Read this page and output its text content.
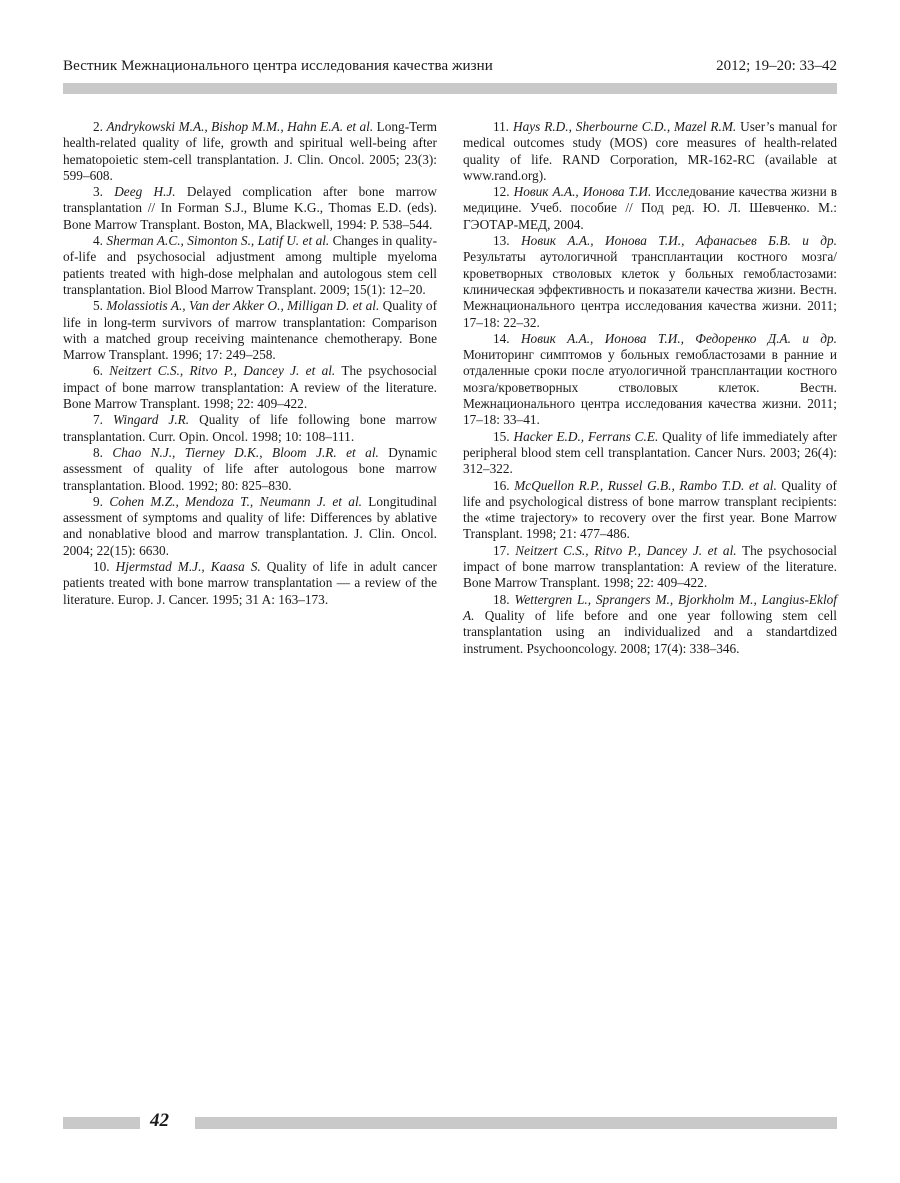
Вестник Межнационального центра исследования качества жизни	2012; 19–20: 33–42

2. Andrykowski M.A., Bishop M.M., Hahn E.A. et al. Long-Term health-related quality of life, growth and spiritual well-being after hematopoietic stem-cell transplantation. J. Clin. Oncol. 2005; 23(3): 599–608.

3. Deeg H.J. Delayed complication after bone marrow transplantation // In Forman S.J., Blume K.G., Thomas E.D. (eds). Bone Marrow Transplant. Boston, MA, Blackwell, 1994: P. 538–544.

4. Sherman A.C., Simonton S., Latif U. et al. Changes in quality-of-life and psychosocial adjustment among multiple myeloma patients treated with high-dose melphalan and autologous stem cell transplantation. Biol Blood Marrow Transplant. 2009; 15(1): 12–20.

5. Molassiotis A., Van der Akker O., Milligan D. et al. Quality of life in long-term survivors of marrow transplantation: Comparison with a matched group receiving maintenance chemotherapy. Bone Marrow Transplant. 1996; 17: 249–258.

6. Neitzert C.S., Ritvo P., Dancey J. et al. The psychosocial impact of bone marrow transplantation: A review of the literature. Bone Marrow Transplant. 1998; 22: 409–422.

7. Wingard J.R. Quality of life following bone marrow transplantation. Curr. Opin. Oncol. 1998; 10: 108–111.

8. Chao N.J., Tierney D.K., Bloom J.R. et al. Dynamic assessment of quality of life after autologous bone marrow transplantation. Blood. 1992; 80: 825–830.

9. Cohen M.Z., Mendoza T., Neumann J. et al. Longitudinal assessment of symptoms and quality of life: Differences by ablative and nonablative blood and marrow transplantation. J. Clin. Oncol. 2004; 22(15): 6630.

10. Hjermstad M.J., Kaasa S. Quality of life in adult cancer patients treated with bone marrow transplantation — a review of the literature. Europ. J. Cancer. 1995; 31 A: 163–173.

11. Hays R.D., Sherbourne C.D., Mazel R.M. User’s manual for medical outcomes study (MOS) core measures of health-related quality of life. RAND Corporation, MR-162-RC (available at www.rand.org).

12. Новик А.А., Ионова Т.И. Исследование качества жизни в медицине. Учеб. пособие // Под ред. Ю. Л. Шевченко. М.: ГЭОТАР-МЕД, 2004.

13. Новик А.А., Ионова Т.И., Афанасьев Б.В. и др. Результаты аутологичной трансплантации костного мозга/кроветворных стволовых клеток у больных гемобластозами: клиническая эффективность и показатели качества жизни. Вестн. Межнационального центра исследования качества жизни. 2011; 17–18: 22–32.

14. Новик А.А., Ионова Т.И., Федоренко Д.А. и др. Мониторинг симптомов у больных гемобластозами в ранние и отдаленные сроки после атуологичной трансплантации костного мозга/кроветворных стволовых клеток. Вестн. Межнационального центра исследования качества жизни. 2011; 17–18: 33–41.

15. Hacker E.D., Ferrans C.E. Quality of life immediately after peripheral blood stem cell transplantation. Cancer Nurs. 2003; 26(4): 312–322.

16. McQuellon R.P., Russel G.B., Rambo T.D. et al. Quality of life and psychological distress of bone marrow transplant recipients: the «time trajectory» to recovery over the first year. Bone Marrow Transplant. 1998; 21: 477–486.

17. Neitzert C.S., Ritvo P., Dancey J. et al. The psychosocial impact of bone marrow transplantation: A review of the literature. Bone Marrow Transplant. 1998; 22: 409–422.

18. Wettergren L., Sprangers M., Bjorkholm M., Langius-Eklof A. Quality of life before and one year following stem cell transplantation using an individualized and a standartdized instrument. Psychooncology. 2008; 17(4): 338–346.

42
